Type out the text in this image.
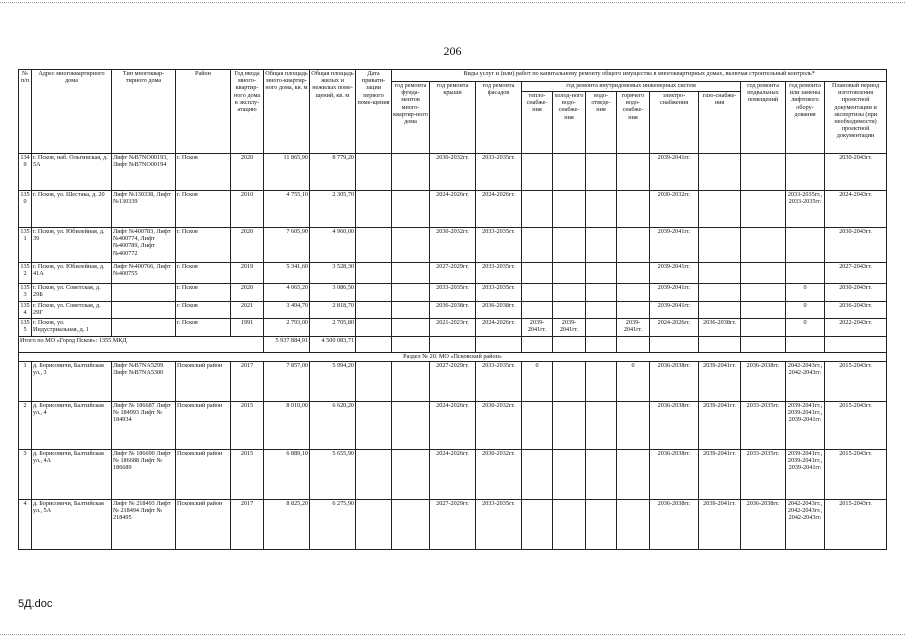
206
№ п/п	Адрес многоквартирного дома	Тип многоквар-тирного дома	Район	Год ввода много-квартир-ного дома в эксплу-атацию	Общая площадь много-квартир-ного дома, кв. м	Общая площадь жилых и нежилых поме-щений, кв. м	Дата привати-зации первого поме-щения	Виды услуг и (или) работ по капитальному ремонту общего имущества в многоквартирных домах, включая строительный контроль*											
								год ремонта фунда-ментов много-квартир-ного дома	год ремонта крыши	год ремонта фасадов	год ремонта внутридомовых инженерных систем						год ремонта подвальных помещений	год ремонта или замены лифтового обору-дования	Плановый период изготовления проектной документации и экспертизы (при необходимости) проектной документации
											тепло-снабже-ния	холод-ного водо-снабже-ния	водо-отведе-ния	горячего водо-снабже-ния	электро-снабжения	газо-снабже-ния			
1349	г. Псков, наб. Ольгинская, д. 5А	Лифт №В7NO00193, Лифт №В7NO00194	г. Псков	2020	11 865,90	8 779,20			2030-2032гг.	2033-2035гг.					2039-2041гг.				2030-2043гг.
1350	г. Псков, ул. Шестака, д. 20	Лифт №130338, Лифт №130339	г. Псков	2010	4 755,10	2 305,70			2024-2026гг.	2024-2026гг.					2030-2032гг.			2033-2035гг., 2033-2035гг.	2024-2043гг.
1351	г. Псков, ул. Юбилейная, д. 39	Лифт №400783, Лифт №400774, Лифт №400789, Лифт №400772	г. Псков	2020	7 605,90	4 960,00			2030-2032гг.	2033-2035гг.					2039-2041гг.				2030-2043гг.
1352	г. Псков, ул. Юбилейная, д. 41А	Лифт №400766, Лифт №400755	г. Псков	2019	5 341,60	3 528,30			2027-2029гг.	2033-2035гг.					2039-2041гг.				2027-2043гг.
1353	г. Псков, ул. Советская, д. 29Б		г. Псков	2020	4 065,20	3 086,50			2033-2035гг.	2033-2035гг.					2039-2041гг.			0	2030-2043гг.
1354	г. Псков, ул. Советская, д. 29Г		г. Псков	2021	3 494,70	2 818,70			2036-2038гг.	2036-2038гг.					2039-2041гг.			0	2036-2043гг.
1355	г. Псков, ул. Индустриальная, д. 1		г. Псков	1991	2 793,00	2 705,80			2021-2023гг.	2024-2026гг.	2039-2041гг.	2039-2041гг.		2039-2041гг.	2024-2026гг.	2036-2038гг.		0	2022-2043гг.
Итого по МО «Город Псков»: 1355 МКД					5 937 884,91	4 500 083,71													
Раздел № 20. МО «Псковский район»																			
1	д. Борисовичи, Балтийская ул., 3	Лифт №В7NA5299 Лифт №В7NA5300	Псковский район	2017	7 857,00	5 994,20			2027-2029гг.	2033-2035гг.	0			0	2036-2038гг.	2039-2041гг.	2036-2038гг.	2042-2043гг., 2042-2043гг.	2015-2043гг.
2	д. Борисовичи, Балтийская ул., 4	Лифт № 186687 Лифт № 184993 Лифт № 184934	Псковский район	2015	8 010,00	6 620,20			2024-2026гг.	2030-2032гг.					2036-2038гг.	2039-2041гг.	2033-2035гг.	2039-2041гг., 2039-2041гг., 2039-2041гг.	2015-2043гг.
3	д. Борисовичи, Балтийская ул., 4А	Лифт № 186690 Лифт № 186688 Лифт № 186689	Псковский район	2015	6 889,10	5 655,90			2024-2026гг.	2030-2032гг.					2036-2038гг.	2039-2041гг.	2033-2035гг.	2039-2041гг., 2039-2041гг., 2039-2041гг.	2015-2043гг.
4	д. Борисовичи, Балтийская ул., 5А	Лифт № 218493 Лифт № 218494 Лифт № 218495	Псковский район	2017	8 825,20	6 275,90			2027-2029гг.	2033-2035гг.					2036-2038гг.	2039-2041гг.	2036-2038гг.	2042-2043гг., 2042-2043гг., 2042-2043гг.	2015-2043гг.
5Д.doc
